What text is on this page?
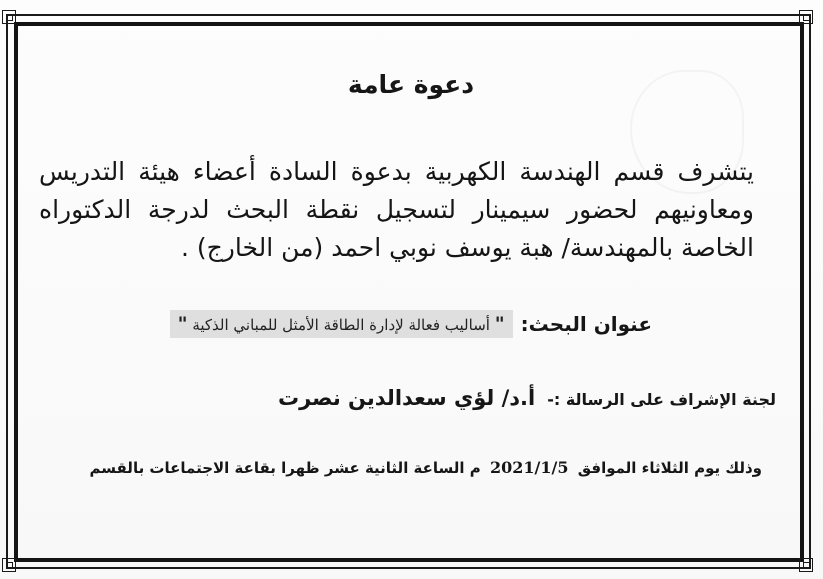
دعوة عامة
يتشرف قسم الهندسة الكهربية بدعوة السادة أعضاء هيئة التدريس ومعاونيهم لحضور سيمينار لتسجيل نقطة البحث لدرجة الدكتوراه الخاصة بالمهندسة/ هبة يوسف نوبي احمد (من الخارج) .
عنوان البحث:
" أساليب فعالة لإدارة الطاقة الأمثل للمباني الذكية "
لجنة الإشراف على الرسالة :-
أ.د/ لؤي سعدالدين نصرت
وذلك يوم الثلاثاء الموافق 2021/1/5 م الساعة الثانية عشر ظهرا بقاعة الاجتماعات بالقسم
